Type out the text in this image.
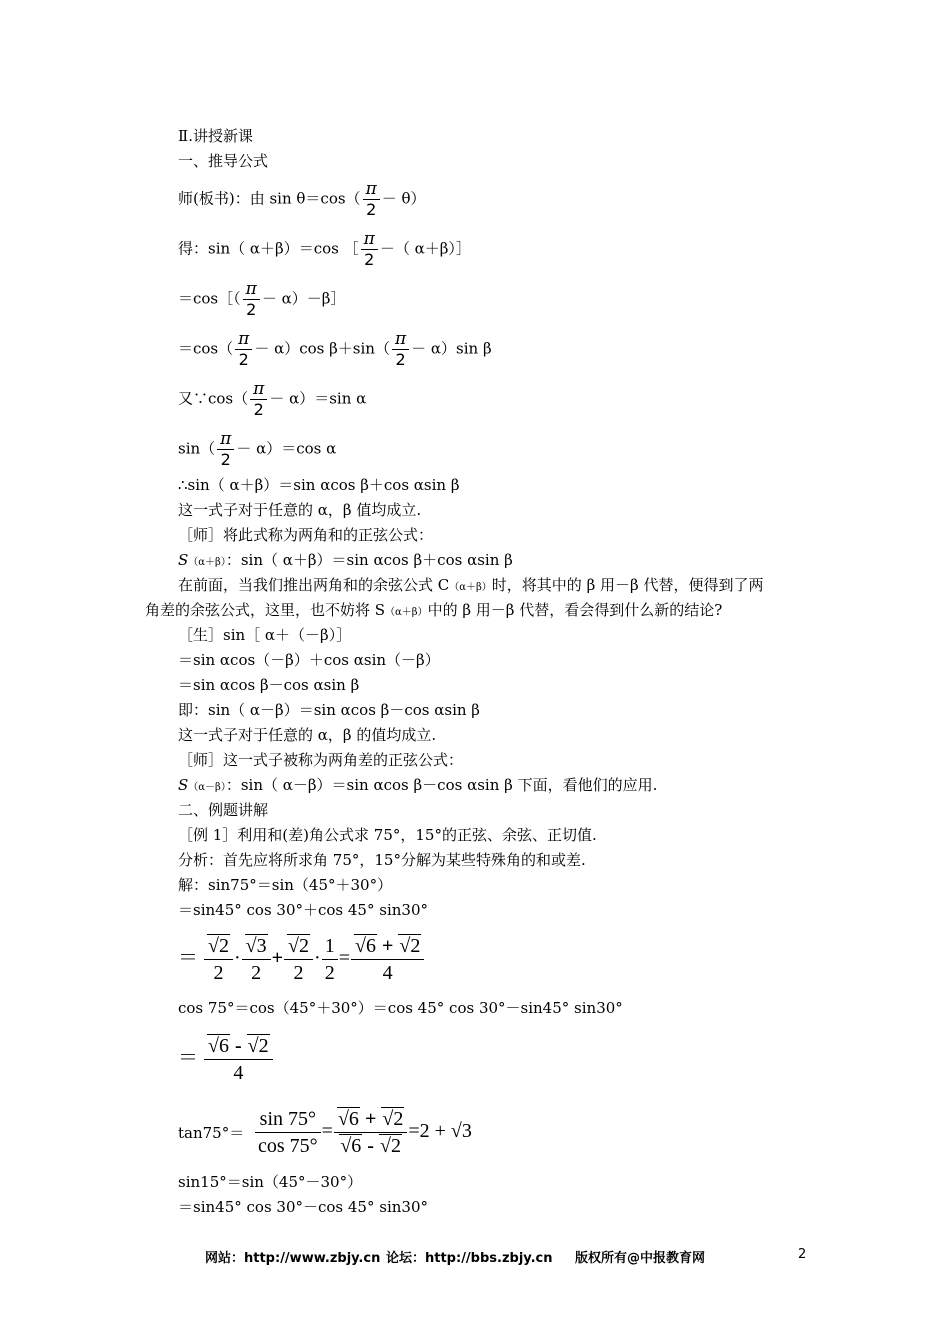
Ⅱ.讲授新课
一、推导公式
师(板书)：由 $\sin \theta=\cos( \frac{\pi}{2} - \theta)$
得：sin（ α＋β）＝cos ［ $\frac{\pi}{2}$ －（ α＋β）］
＝cos［（ $\frac{\pi}{2}$ － α）－β］
$=\cos( \frac{\pi}{2} - \alpha)\cos$ $\beta+\sin( \frac{\pi}{2} - \alpha)\sin$ β
又∵cos（ $\frac{\pi}{2} - \alpha)=\sin$ α
$\sin( \frac{\pi}{2} - \alpha)=\cos$ α
∴sin（ α＋β）＝sin αcos β＋cos αsin β
这一式子对于任意的 α，β 值均成立.
［师］将此式称为两角和的正弦公式：
S（α＋β）：sin（ α＋β）＝sin αcos β＋cos αsin β
在前面，当我们推出两角和的余弦公式 C（α＋β）时，将其中的 β 用－β 代替，便得到了两
角差的余弦公式，这里，也不妨将 S（α＋β）中的 β 用－β 代替，看会得到什么新的结论?
［生］sin［ α＋（－β）］
＝sin αcos（－β）＋cos αsin（－β）
＝sin αcos β－cos αsin β
即：sin（ α－β）＝sin αcos β－cos αsin β
这一式子对于任意的 α，β 的值均成立.
［师］这一式子被称为两角差的正弦公式：
S（α－β）：sin（ α－β）＝sin αcos β－cos αsin β 下面，看他们的应用.
二、例题讲解
［例 1］利用和(差)角公式求 75°，15°的正弦、余弦、正切值.
分析：首先应将所求角 75°，15°分解为某些特殊角的和或差.
解：sin75°＝sin（45°＋30°）
＝sin45° cos 30°＋cos 45° sin30°
＝ $\frac{√2}{2} \cdot \frac{√3}{2} + \frac{√2}{2} \cdot \frac{1}{2} = \frac{√6 + √2}{4}$
cos 75°＝cos（45°＋30°）＝cos 45° cos 30°－sin45° sin30°
＝ $\frac{√6 - √2}{4}$
$\tan 75^\circ= \frac{\sin 75^\circ}{\cos 75^\circ} = \frac{√6 + √2}{√6 - √2} =2 + √3$
sin15°＝sin（45°－30°）
＝sin45° cos 30°－cos 45° sin30°
网站：http://www.zbjy.cn 论坛：http://bbs.zbjy.cn 版权所有@中报教育网	2
